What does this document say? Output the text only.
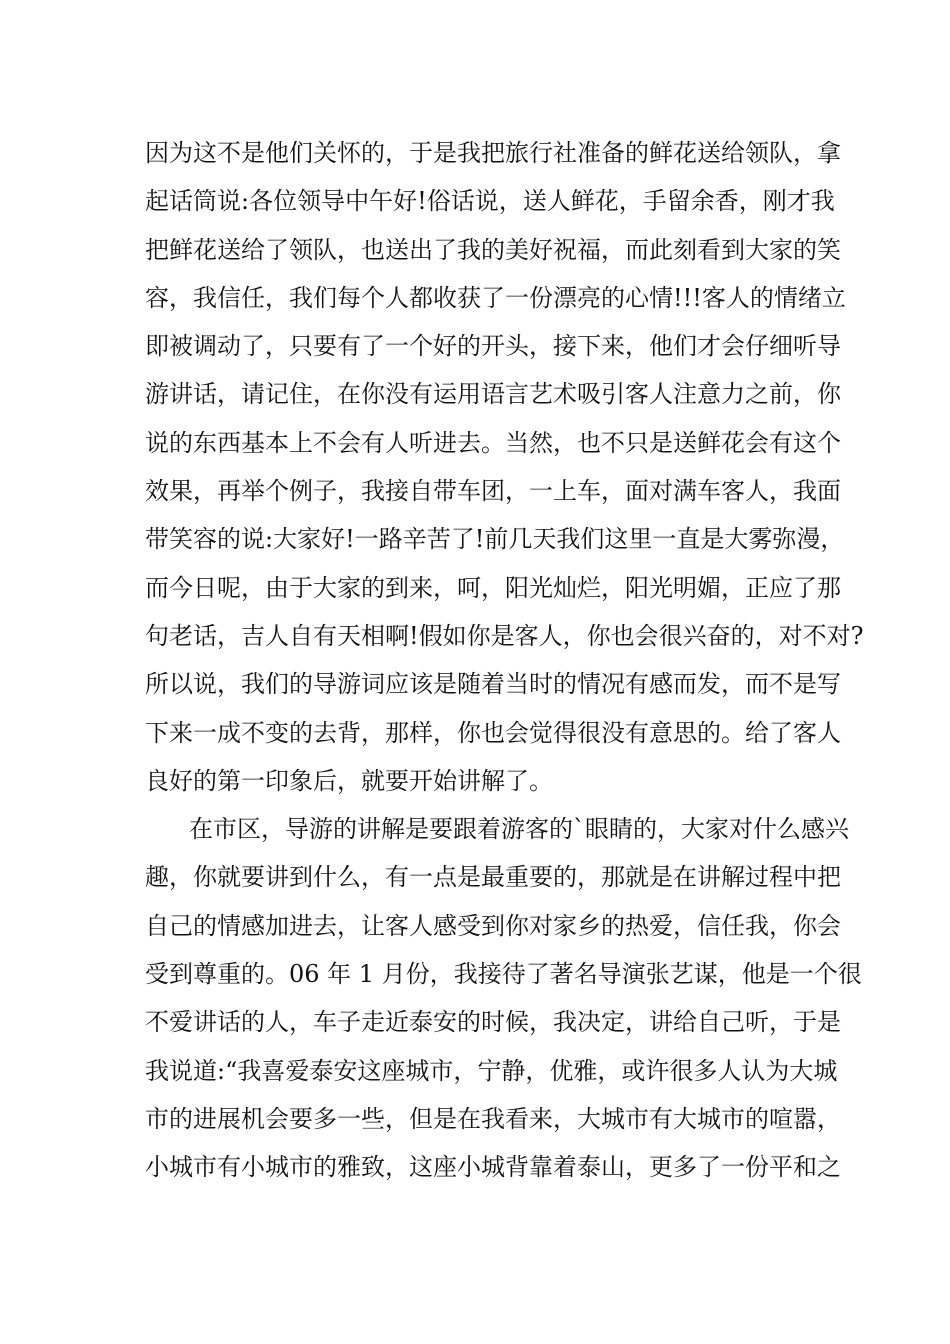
因为这不是他们关怀的，于是我把旅行社准备的鲜花送给领队，拿
起话筒说:各位领导中午好!俗话说，送人鲜花，手留余香，刚才我
把鲜花送给了领队，也送出了我的美好祝福，而此刻看到大家的笑
容，我信任，我们每个人都收获了一份漂亮的心情!!!客人的情绪立
即被调动了，只要有了一个好的开头，接下来，他们才会仔细听导
游讲话，请记住，在你没有运用语言艺术吸引客人注意力之前，你
说的东西基本上不会有人听进去。当然，也不只是送鲜花会有这个
效果，再举个例子，我接自带车团，一上车，面对满车客人，我面
带笑容的说:大家好!一路辛苦了!前几天我们这里一直是大雾弥漫，
而今日呢，由于大家的到来，呵，阳光灿烂，阳光明媚，正应了那
句老话，吉人自有天相啊!假如你是客人，你也会很兴奋的，对不对?
所以说，我们的导游词应该是随着当时的情况有感而发，而不是写
下来一成不变的去背，那样，你也会觉得很没有意思的。给了客人
良好的第一印象后，就要开始讲解了。
在市区，导游的讲解是要跟着游客的`眼睛的，大家对什么感兴
趣，你就要讲到什么，有一点是最重要的，那就是在讲解过程中把
自己的情感加进去，让客人感受到你对家乡的热爱，信任我，你会
受到尊重的。06 年 1 月份，我接待了著名导演张艺谋，他是一个很
不爱讲话的人，车子走近泰安的时候，我决定，讲给自己听，于是
我说道:“我喜爱泰安这座城市，宁静，优雅，或许很多人认为大城
市的进展机会要多一些，但是在我看来，大城市有大城市的喧嚣，
小城市有小城市的雅致，这座小城背靠着泰山，更多了一份平和之
